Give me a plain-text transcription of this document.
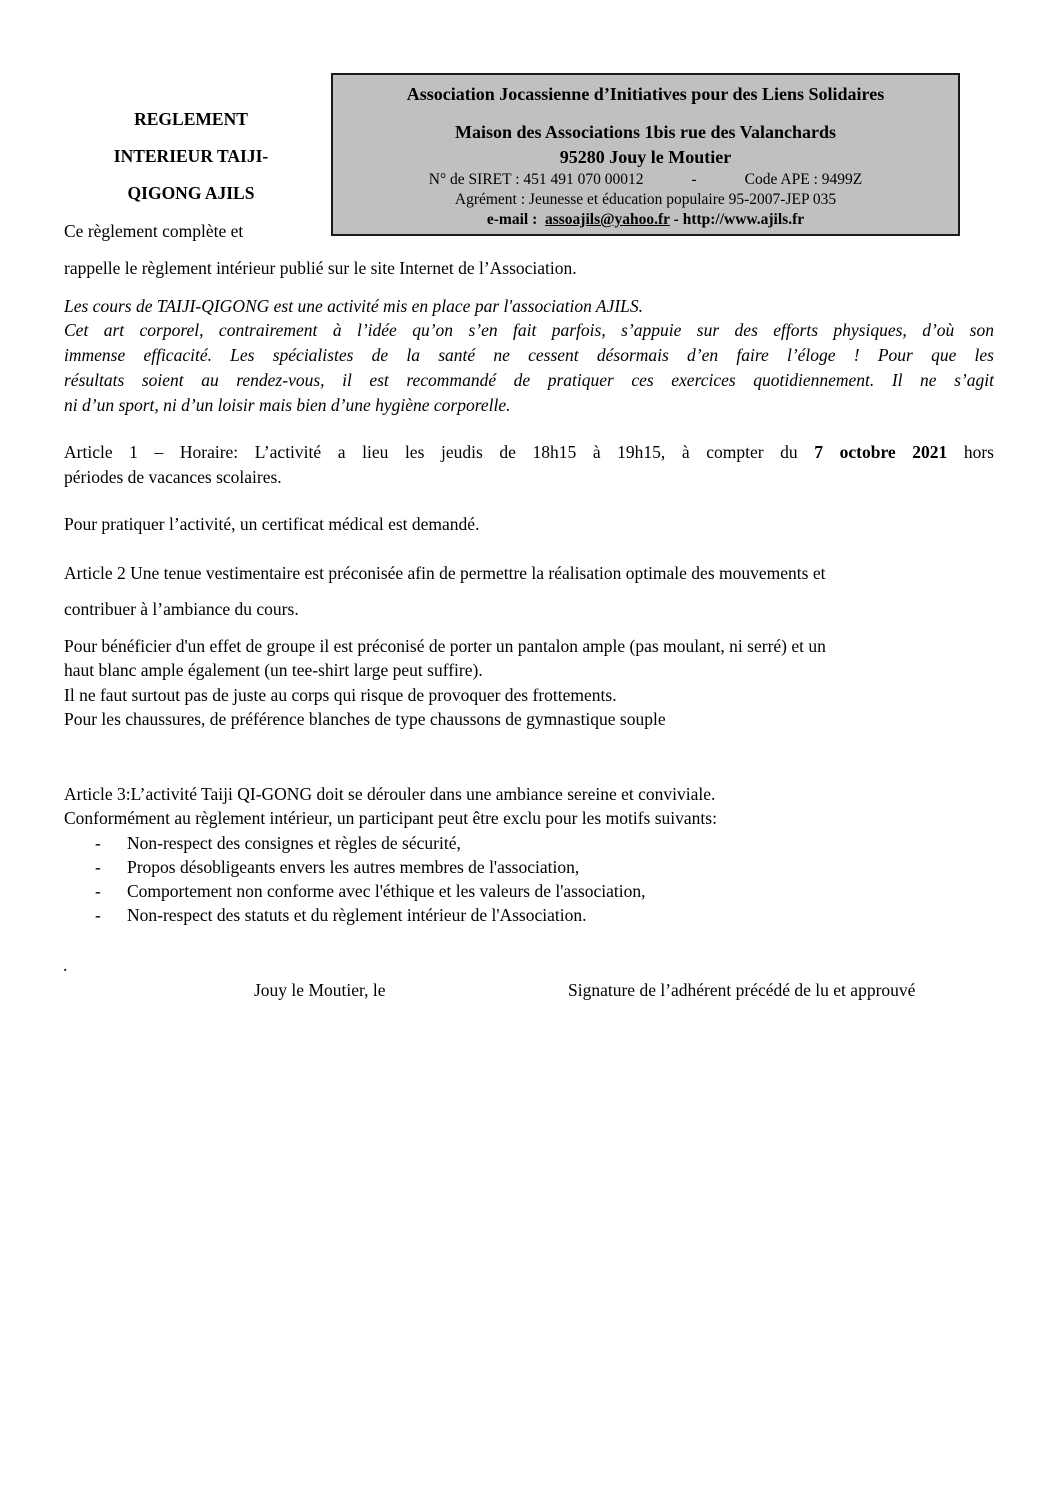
REGLEMENT
INTERIEUR TAIJI-
QIGONG AJILS
Association Jocassienne d’Initiatives pour des Liens Solidaires
Maison des Associations 1bis rue des Valanchards
95280 Jouy le Moutier
N° de SIRET : 451 491 070 00012	-	Code APE : 9499Z
Agrément : Jeunesse et éducation populaire 95-2007-JEP 035
e-mail : assoajils@yahoo.fr - http://www.ajils.fr
Ce règlement complète et
rappelle le règlement intérieur publié sur le site Internet de l’Association.
Les cours de TAIJI-QIGONG est une activité mis en place par l'association AJILS.
Cet art corporel, contrairement à l’idée qu’on s’en fait parfois, s’appuie sur des efforts physiques, d’où son
immense efficacité. Les spécialistes de la santé ne cessent désormais d’en faire l’éloge ! Pour que les
résultats soient au rendez-vous, il est recommandé de pratiquer ces exercices quotidiennement. Il ne s’agit
ni d’un sport, ni d’un loisir mais bien d’une hygiène corporelle.
Article 1 – Horaire: L’activité a lieu les jeudis de 18h15 à 19h15, à compter du 7 octobre 2021 hors
périodes de vacances scolaires.
Pour pratiquer l’activité, un certificat médical est demandé.
Article 2 Une tenue vestimentaire est préconisée afin de permettre la réalisation optimale des mouvements et
contribuer à l’ambiance du cours.
Pour bénéficier d'un effet de groupe il est préconisé de porter un pantalon ample (pas moulant, ni serré) et un
haut blanc ample également (un tee-shirt large peut suffire).
Il ne faut surtout pas de juste au corps qui risque de provoquer des frottements.
Pour les chaussures, de préférence blanches de type chaussons de gymnastique souple
Article 3:L’activité Taiji QI-GONG doit se dérouler dans une ambiance sereine et conviviale.
Conformément au règlement intérieur, un participant peut être exclu pour les motifs suivants:
- Non-respect des consignes et règles de sécurité,
- Propos désobligeants envers les autres membres de l'association,
- Comportement non conforme avec l'éthique et les valeurs de l'association,
- Non-respect des statuts et du règlement intérieur de l'Association.
.
Jouy le Moutier, le	Signature de l’adhérent précédé de lu et approuvé
